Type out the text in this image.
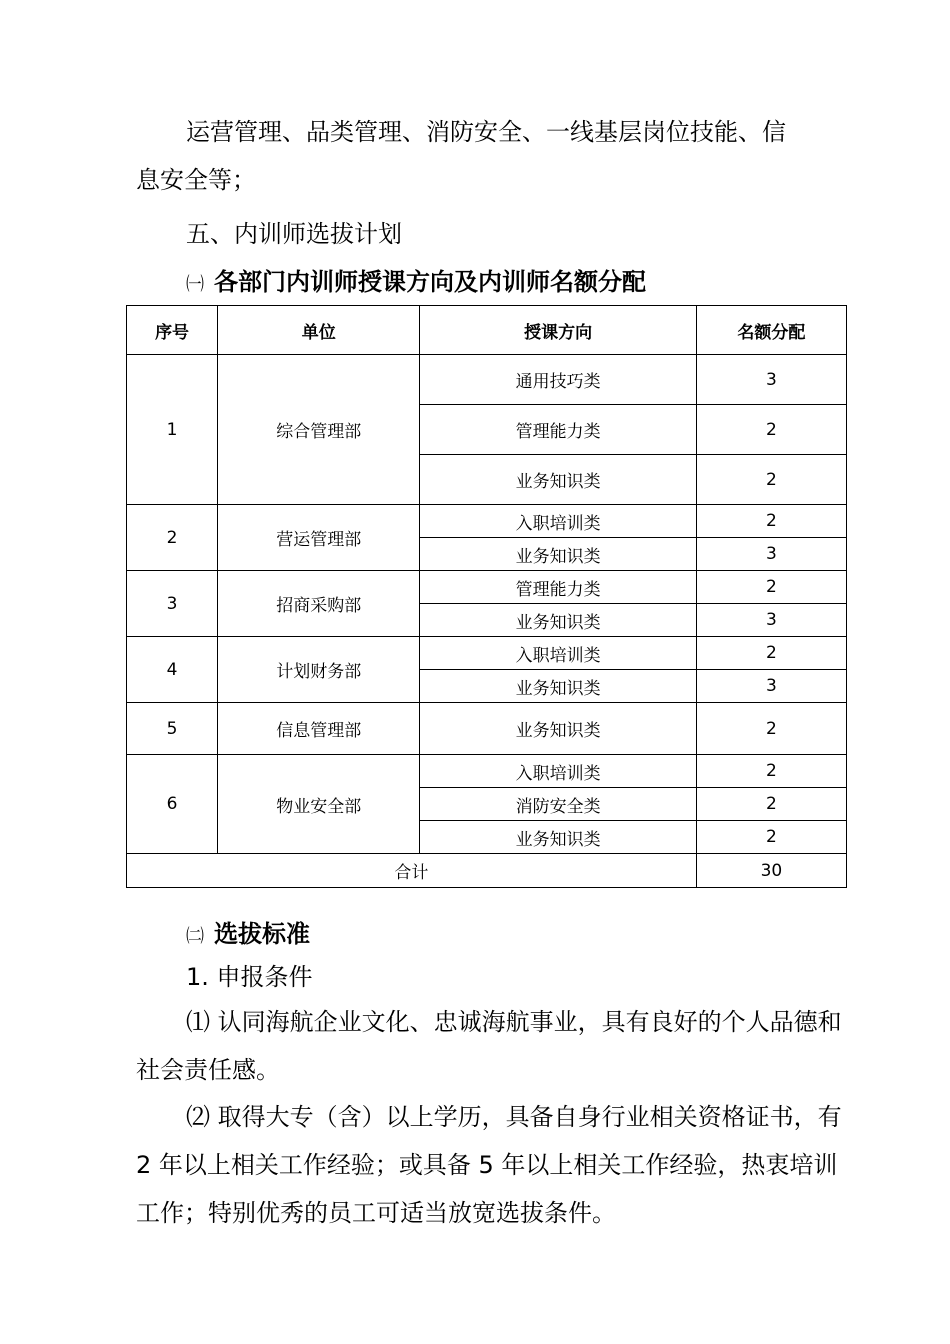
运营管理、品类管理、消防安全、一线基层岗位技能、信
息安全等；
五、内训师选拔计划
㈠ 各部门内训师授课方向及内训师名额分配
序号	单位	授课方向	名额分配
1	综合管理部	通用技巧类	3
		管理能力类	2
		业务知识类	2
2	营运管理部	入职培训类	2
		业务知识类	3
3	招商采购部	管理能力类	2
		业务知识类	3
4	计划财务部	入职培训类	2
		业务知识类	3
5	信息管理部	业务知识类	2
6	物业安全部	入职培训类	2
		消防安全类	2
		业务知识类	2
合计			30
㈡ 选拔标准
1. 申报条件

⑴ 认同海航企业文化、忠诚海航事业，具有良好的个人品德和社会责任感。

⑵ 取得大专（含）以上学历，具备自身行业相关资格证书，有 2 年以上相关工作经验；或具备 5 年以上相关工作经验，热衷培训工作；特别优秀的员工可适当放宽选拔条件。
